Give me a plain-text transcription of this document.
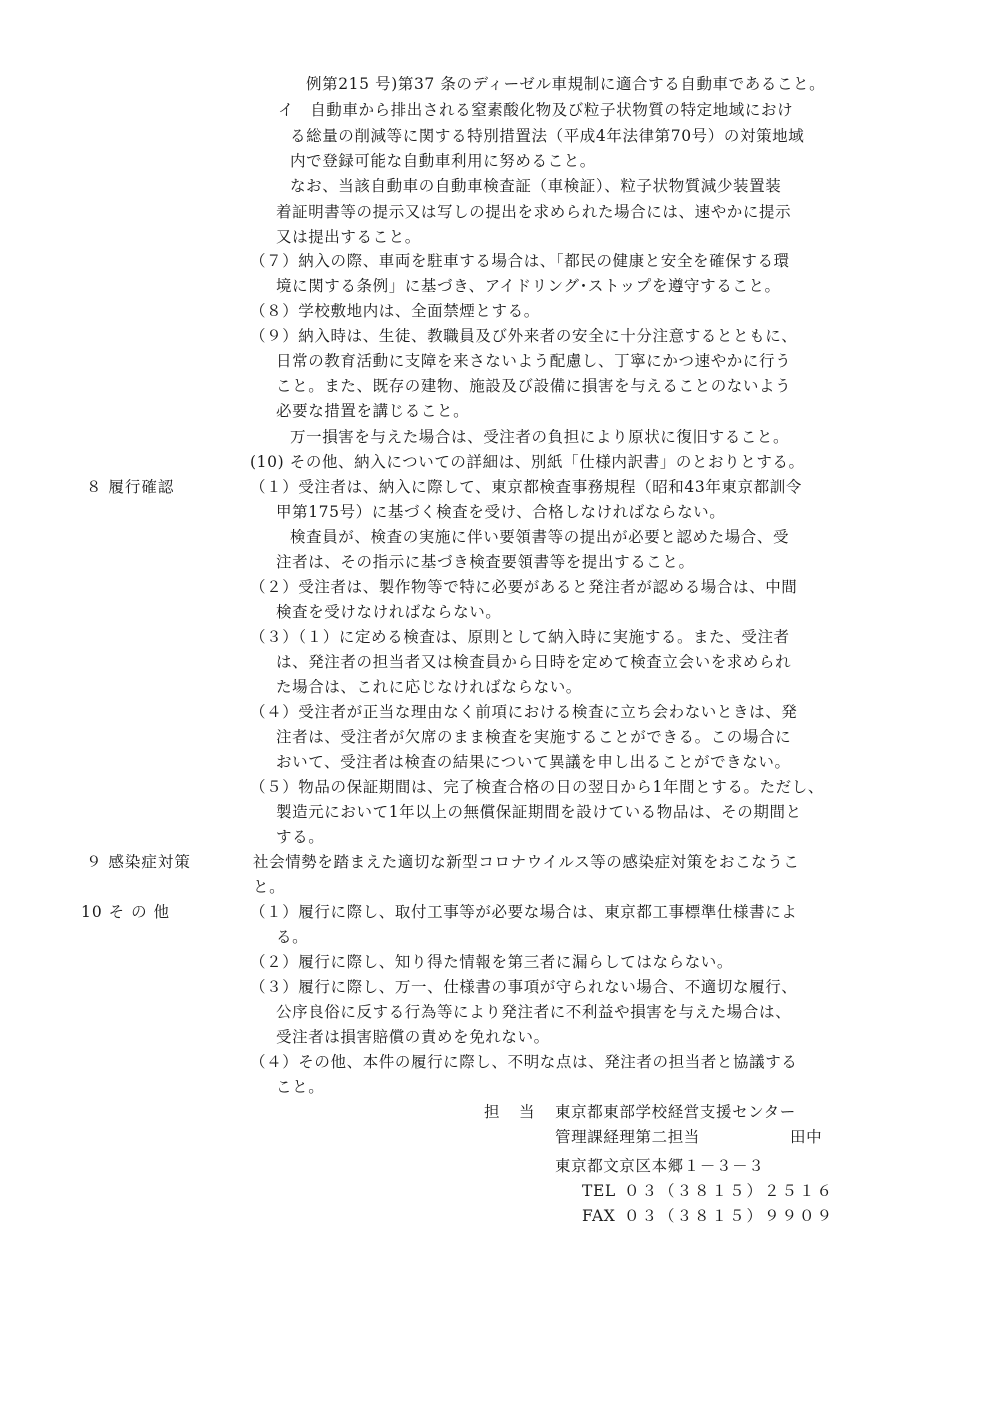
例第215 号)第37 条のディーゼル車規制に適合する自動車であること。
イ　自動車から排出される窒素酸化物及び粒子状物質の特定地域におけ
る総量の削減等に関する特別措置法（平成4年法律第70号）の対策地域
内で登録可能な自動車利用に努めること。
なお、当該自動車の自動車検査証（車検証）、粒子状物質減少装置装
着証明書等の提示又は写しの提出を求められた場合には、速やかに提示
又は提出すること。
（７）納入の際、車両を駐車する場合は、「都民の健康と安全を確保する環
境に関する条例」に基づき、アイドリング･ストップを遵守すること。
（８）学校敷地内は、全面禁煙とする。
（９）納入時は、生徒、教職員及び外来者の安全に十分注意するとともに、
日常の教育活動に支障を来さないよう配慮し、丁寧にかつ速やかに行う
こと。また、既存の建物、施設及び設備に損害を与えることのないよう
必要な措置を講じること。
万一損害を与えた場合は、受注者の負担により原状に復旧すること。
(10) その他、納入についての詳細は、別紙「仕様内訳書」のとおりとする。
８ 履行確認	（１）受注者は、納入に際して、東京都検査事務規程（昭和43年東京都訓令
甲第175号）に基づく検査を受け、合格しなければならない。
検査員が、検査の実施に伴い要領書等の提出が必要と認めた場合、受
注者は、その指示に基づき検査要領書等を提出すること。
（２）受注者は、製作物等で特に必要があると発注者が認める場合は、中間
検査を受けなければならない。
（３）（１）に定める検査は、原則として納入時に実施する。また、受注者
は、発注者の担当者又は検査員から日時を定めて検査立会いを求められ
た場合は、これに応じなければならない。
（４）受注者が正当な理由なく前項における検査に立ち会わないときは、発
注者は、受注者が欠席のまま検査を実施することができる。この場合に
おいて、受注者は検査の結果について異議を申し出ることができない。
（５）物品の保証期間は、完了検査合格の日の翌日から1年間とする。ただし、
製造元において1年以上の無償保証期間を設けている物品は、その期間と
する。
９ 感染症対策	社会情勢を踏まえた適切な新型コロナウイルス等の感染症対策をおこなうこ
と。
10 そ の 他	（１）履行に際し、取付工事等が必要な場合は、東京都工事標準仕様書によ
る。
（２）履行に際し、知り得た情報を第三者に漏らしてはならない。
（３）履行に際し、万一、仕様書の事項が守られない場合、不適切な履行、
公序良俗に反する行為等により発注者に不利益や損害を与えた場合は、
受注者は損害賠償の責めを免れない。
（４）その他、本件の履行に際し、不明な点は、発注者の担当者と協議する
こと。
担　当 東京都東部学校経営支援センター
管理課経理第二担当	田中
東京都文京区本郷１－３－３
TEL ０３（３８１５）２５１６
FAX ０３（３８１５）９９０９
